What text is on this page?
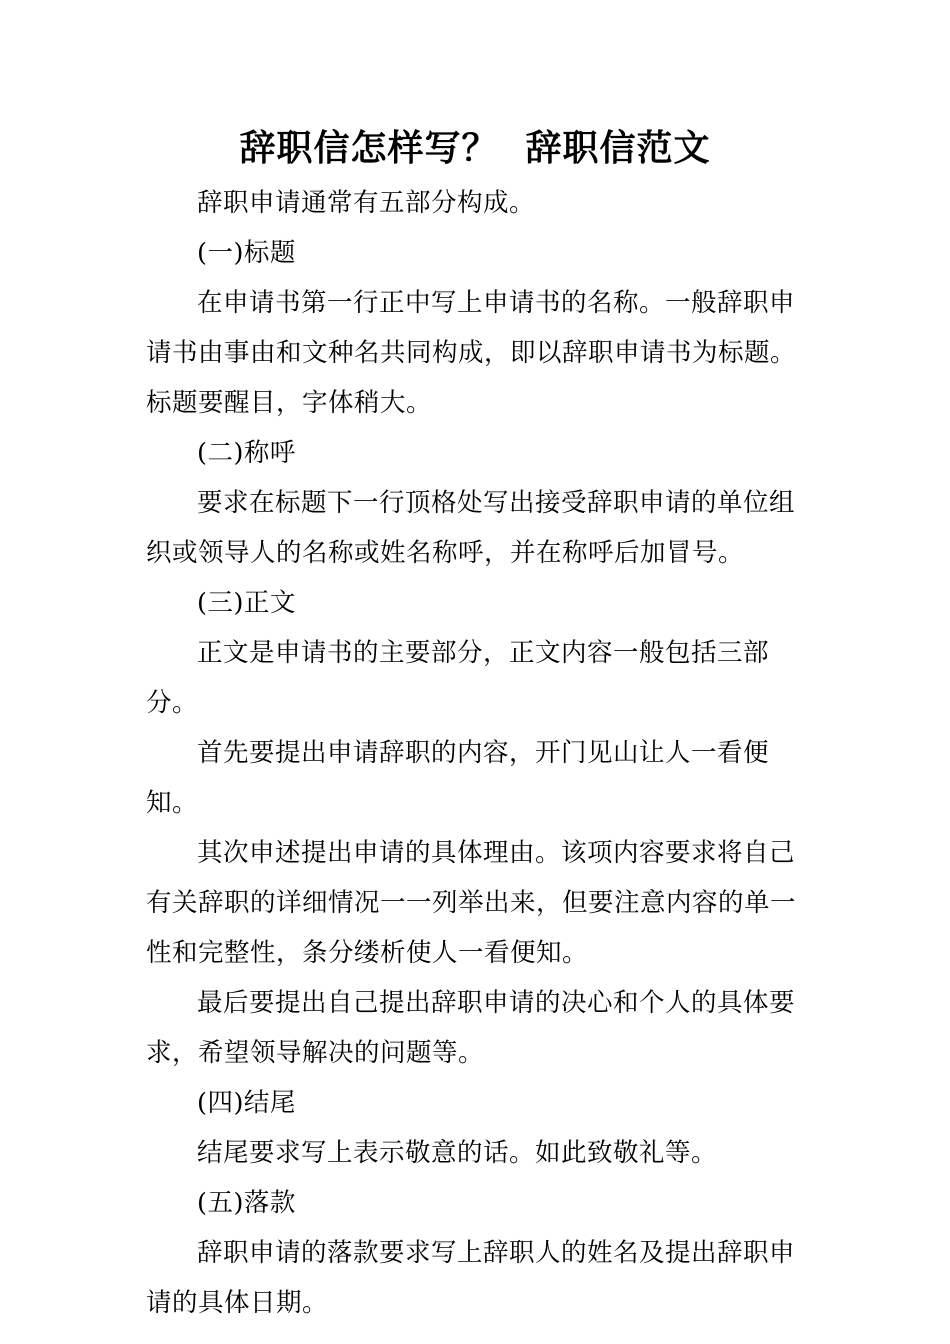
辞职信怎样写？  辞职信范文

辞职申请通常有五部分构成。

(一)标题

在申请书第一行正中写上申请书的名称。一般辞职申请书由事由和文种名共同构成，即以辞职申请书为标题。标题要醒目，字体稍大。

(二)称呼

要求在标题下一行顶格处写出接受辞职申请的单位组织或领导人的名称或姓名称呼，并在称呼后加冒号。

(三)正文

正文是申请书的主要部分，正文内容一般包括三部分。

首先要提出申请辞职的内容，开门见山让人一看便知。

其次申述提出申请的具体理由。该项内容要求将自己有关辞职的详细情况一一列举出来，但要注意内容的单一性和完整性，条分缕析使人一看便知。

最后要提出自己提出辞职申请的决心和个人的具体要求，希望领导解决的问题等。

(四)结尾

结尾要求写上表示敬意的话。如此致敬礼等。

(五)落款

辞职申请的落款要求写上辞职人的姓名及提出辞职申请的具体日期。
